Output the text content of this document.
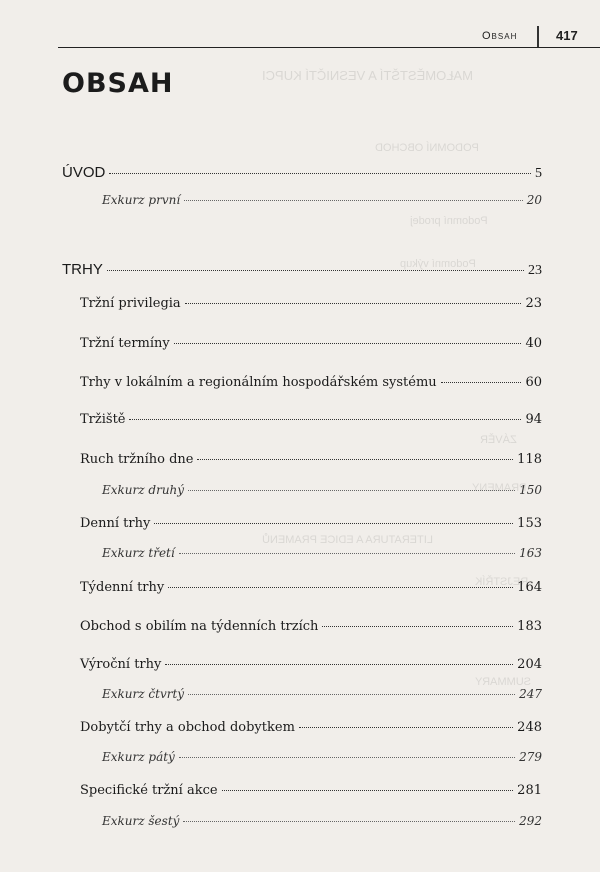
MAŁOMĚSTŠTÍ A VESNIČTÍ KUPCI
PODOMNÍ OBCHOD
Podomní prodej
Podomní výkup
ZÁVĚR
PRAMENY
LITERATURA A EDICE PRAMENŮ
REJSTŘÍK
SUMMARY
Obsah	417
OBSAH
ÚVOD	5
Exkurz první	20
TRHY	23
Tržní privilegia	23
Tržní termíny	40
Trhy v lokálním a regionálním hospodářském systému	60
Tržiště	94
Ruch tržního dne	118
Exkurz druhý	150
Denní trhy	153
Exkurz třetí	163
Týdenní trhy	164
Obchod s obilím na týdenních trzích	183
Výroční trhy	204
Exkurz čtvrtý	247
Dobytčí trhy a obchod dobytkem	248
Exkurz pátý	279
Specifické tržní akce	281
Exkurz šestý	292
